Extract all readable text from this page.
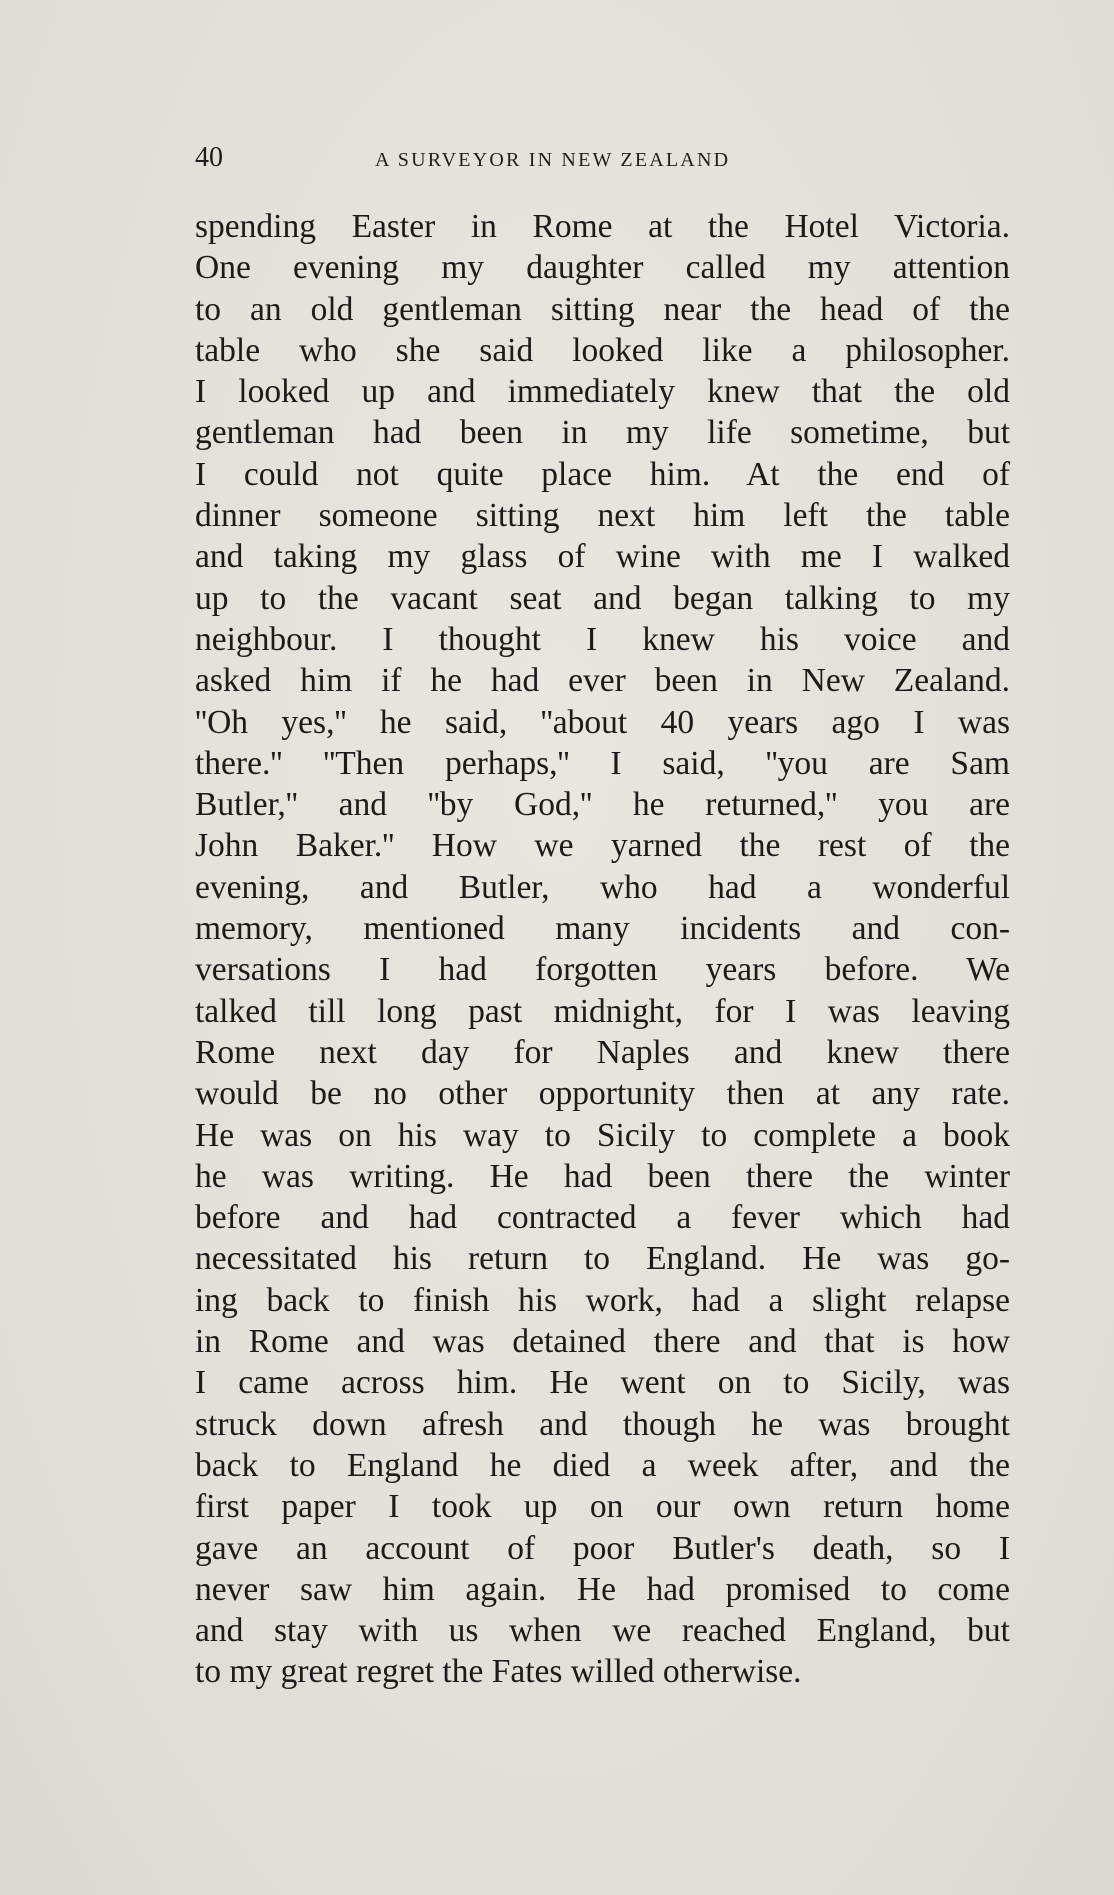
40	A SURVEYOR IN NEW ZEALAND
spending Easter in Rome at the Hotel Victoria.
One evening my daughter called my attention
to an old gentleman sitting near the head of the
table who she said looked like a philosopher.
I looked up and immediately knew that the old
gentleman had been in my life sometime, but
I could not quite place him. At the end of
dinner someone sitting next him left the table
and taking my glass of wine with me I walked
up to the vacant seat and began talking to my
neighbour. I thought I knew his voice and
asked him if he had ever been in New Zealand.
''Oh yes,'' he said, ''about 40 years ago I was
there.'' ''Then perhaps,'' I said, ''you are Sam
Butler,'' and ''by God,'' he returned,'' you are
John Baker.'' How we yarned the rest of the
evening, and Butler, who had a wonderful
memory, mentioned many incidents and con-
versations I had forgotten years before. We
talked till long past midnight, for I was leaving
Rome next day for Naples and knew there
would be no other opportunity then at any rate.
He was on his way to Sicily to complete a book
he was writing. He had been there the winter
before and had contracted a fever which had
necessitated his return to England. He was go-
ing back to finish his work, had a slight relapse
in Rome and was detained there and that is how
I came across him. He went on to Sicily, was
struck down afresh and though he was brought
back to England he died a week after, and the
first paper I took up on our own return home
gave an account of poor Butler's death, so I
never saw him again. He had promised to come
and stay with us when we reached England, but
to my great regret the Fates willed otherwise.
